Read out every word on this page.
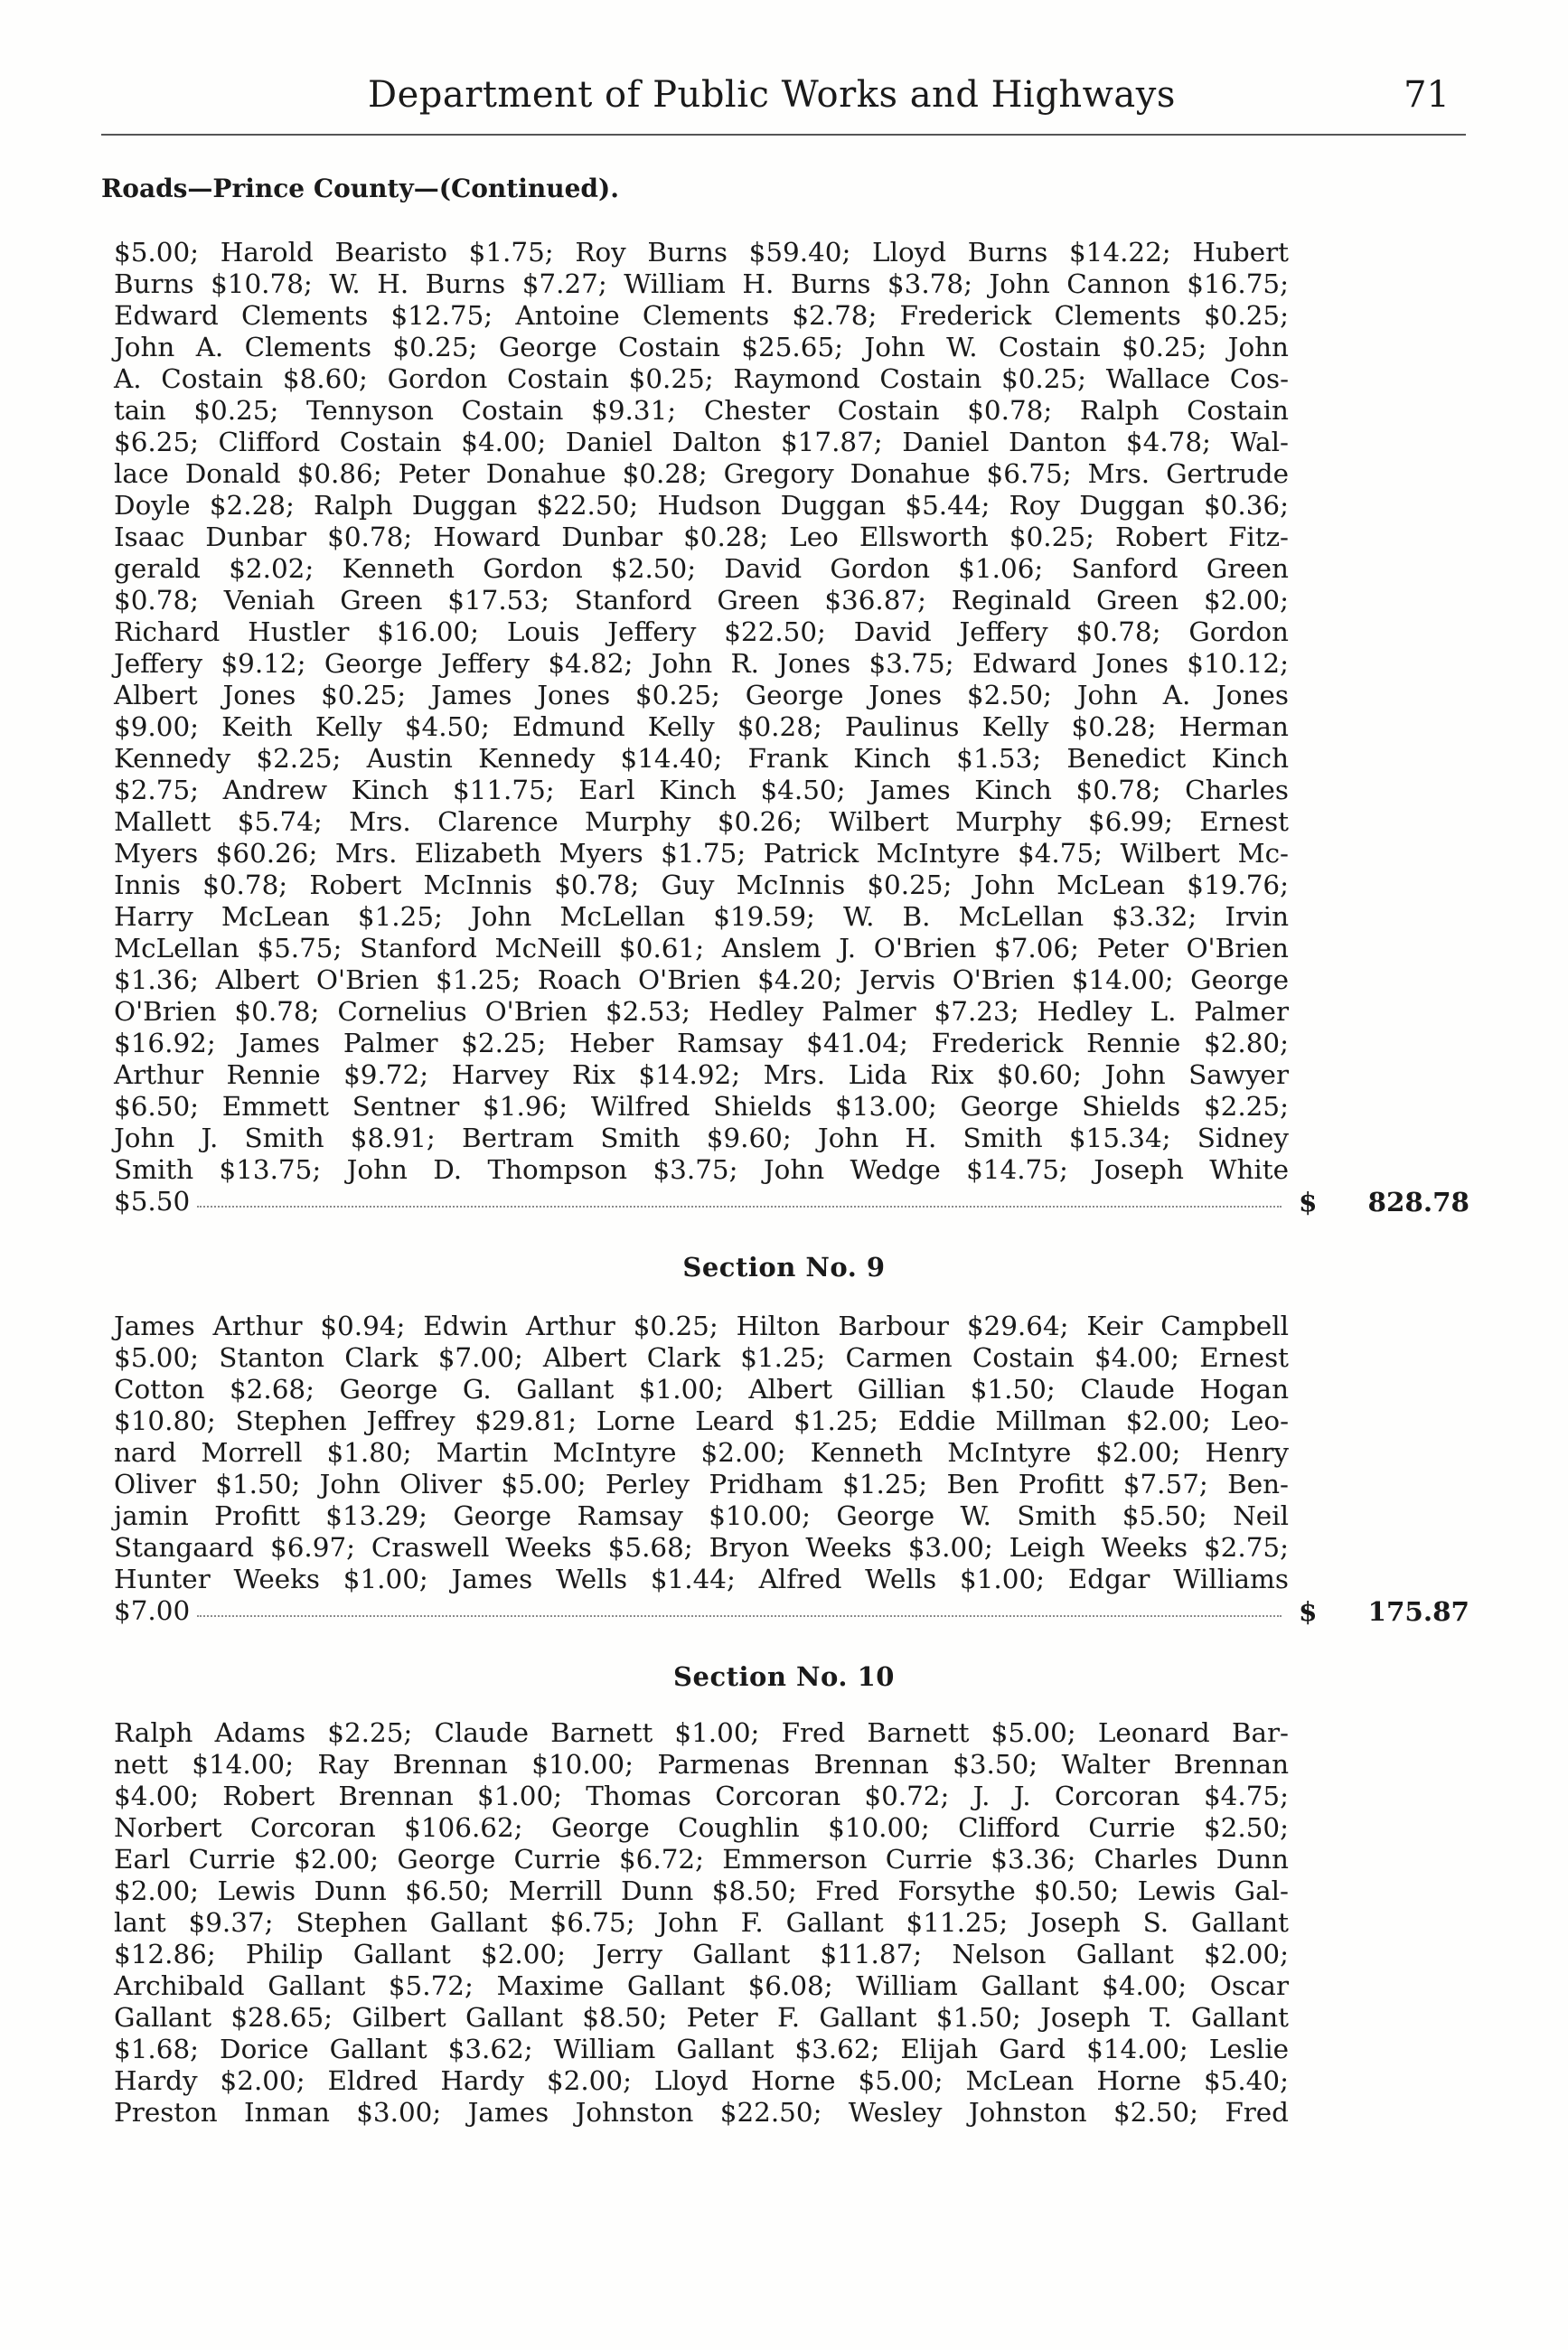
Department of Public Works and Highways	71
Roads—Prince County—(Continued).

$5.00; Harold Bearisto $1.75; Roy Burns $59.40; Lloyd Burns $14.22; Hubert

Burns $10.78; W. H. Burns $7.27; William H. Burns $3.78; John Cannon $16.75;

Edward Clements $12.75; Antoine Clements $2.78; Frederick Clements $0.25;

John A. Clements $0.25; George Costain $25.65; John W. Costain $0.25; John

A. Costain $8.60; Gordon Costain $0.25; Raymond Costain $0.25; Wallace Cos-

tain $0.25; Tennyson Costain $9.31; Chester Costain $0.78; Ralph Costain

$6.25; Clifford Costain $4.00; Daniel Dalton $17.87; Daniel Danton $4.78; Wal-

lace Donald $0.86; Peter Donahue $0.28; Gregory Donahue $6.75; Mrs. Gertrude

Doyle $2.28; Ralph Duggan $22.50; Hudson Duggan $5.44; Roy Duggan $0.36;

Isaac Dunbar $0.78; Howard Dunbar $0.28; Leo Ellsworth $0.25; Robert Fitz-

gerald $2.02; Kenneth Gordon $2.50; David Gordon $1.06; Sanford Green

$0.78; Veniah Green $17.53; Stanford Green $36.87; Reginald Green $2.00;

Richard Hustler $16.00; Louis Jeffery $22.50; David Jeffery $0.78; Gordon

Jeffery $9.12; George Jeffery $4.82; John R. Jones $3.75; Edward Jones $10.12;

Albert Jones $0.25; James Jones $0.25; George Jones $2.50; John A. Jones

$9.00; Keith Kelly $4.50; Edmund Kelly $0.28; Paulinus Kelly $0.28; Herman

Kennedy $2.25; Austin Kennedy $14.40; Frank Kinch $1.53; Benedict Kinch

$2.75; Andrew Kinch $11.75; Earl Kinch $4.50; James Kinch $0.78; Charles

Mallett $5.74; Mrs. Clarence Murphy $0.26; Wilbert Murphy $6.99; Ernest

Myers $60.26; Mrs. Elizabeth Myers $1.75; Patrick McIntyre $4.75; Wilbert Mc-

Innis $0.78; Robert McInnis $0.78; Guy McInnis $0.25; John McLean $19.76;

Harry McLean $1.25; John McLellan $19.59; W. B. McLellan $3.32; Irvin

McLellan $5.75; Stanford McNeill $0.61; Anslem J. O'Brien $7.06; Peter O'Brien

$1.36; Albert O'Brien $1.25; Roach O'Brien $4.20; Jervis O'Brien $14.00; George

O'Brien $0.78; Cornelius O'Brien $2.53; Hedley Palmer $7.23; Hedley L. Palmer

$16.92; James Palmer $2.25; Heber Ramsay $41.04; Frederick Rennie $2.80;

Arthur Rennie $9.72; Harvey Rix $14.92; Mrs. Lida Rix $0.60; John Sawyer

$6.50; Emmett Sentner $1.96; Wilfred Shields $13.00; George Shields $2.25;

John J. Smith $8.91; Bertram Smith $9.60; John H. Smith $15.34; Sidney

Smith $13.75; John D. Thompson $3.75; John Wedge $14.75; Joseph White

$5.50	$ 828.78
Section No. 9

James Arthur $0.94; Edwin Arthur $0.25; Hilton Barbour $29.64; Keir Campbell

$5.00; Stanton Clark $7.00; Albert Clark $1.25; Carmen Costain $4.00; Ernest

Cotton $2.68; George G. Gallant $1.00; Albert Gillian $1.50; Claude Hogan

$10.80; Stephen Jeffrey $29.81; Lorne Leard $1.25; Eddie Millman $2.00; Leo-

nard Morrell $1.80; Martin McIntyre $2.00; Kenneth McIntyre $2.00; Henry

Oliver $1.50; John Oliver $5.00; Perley Pridham $1.25; Ben Profitt $7.57; Ben-

jamin Profitt $13.29; George Ramsay $10.00; George W. Smith $5.50; Neil

Stangaard $6.97; Craswell Weeks $5.68; Bryon Weeks $3.00; Leigh Weeks $2.75;

Hunter Weeks $1.00; James Wells $1.44; Alfred Wells $1.00; Edgar Williams

$7.00	$ 175.87
Section No. 10

Ralph Adams $2.25; Claude Barnett $1.00; Fred Barnett $5.00; Leonard Bar-

nett $14.00; Ray Brennan $10.00; Parmenas Brennan $3.50; Walter Brennan

$4.00; Robert Brennan $1.00; Thomas Corcoran $0.72; J. J. Corcoran $4.75;

Norbert Corcoran $106.62; George Coughlin $10.00; Clifford Currie $2.50;

Earl Currie $2.00; George Currie $6.72; Emmerson Currie $3.36; Charles Dunn

$2.00; Lewis Dunn $6.50; Merrill Dunn $8.50; Fred Forsythe $0.50; Lewis Gal-

lant $9.37; Stephen Gallant $6.75; John F. Gallant $11.25; Joseph S. Gallant

$12.86; Philip Gallant $2.00; Jerry Gallant $11.87; Nelson Gallant $2.00;

Archibald Gallant $5.72; Maxime Gallant $6.08; William Gallant $4.00; Oscar

Gallant $28.65; Gilbert Gallant $8.50; Peter F. Gallant $1.50; Joseph T. Gallant

$1.68; Dorice Gallant $3.62; William Gallant $3.62; Elijah Gard $14.00; Leslie

Hardy $2.00; Eldred Hardy $2.00; Lloyd Horne $5.00; McLean Horne $5.40;

Preston Inman $3.00; James Johnston $22.50; Wesley Johnston $2.50; Fred
